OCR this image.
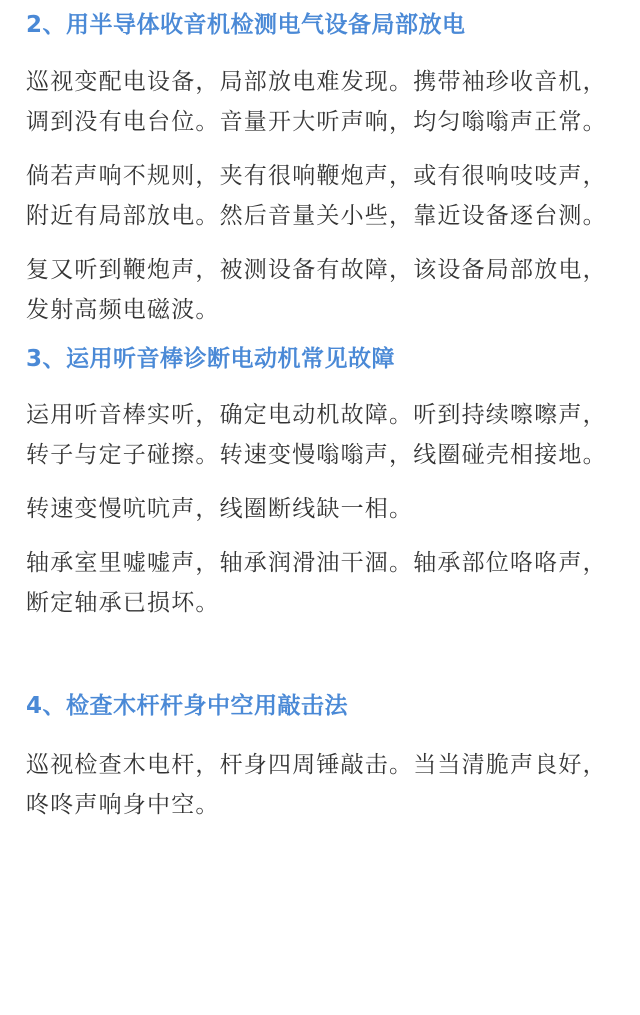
2、用半导体收音机检测电气设备局部放电

巡视变配电设备，局部放电难发现。携带袖珍收音机，调到没有电台位。音量开大听声响，均匀嗡嗡声正常。

倘若声响不规则，夹有很响鞭炮声，或有很响吱吱声，附近有局部放电。然后音量关小些，靠近设备逐台测。

复又听到鞭炮声，被测设备有故障，该设备局部放电，发射高频电磁波。

3、运用听音棒诊断电动机常见故障

运用听音棒实听，确定电动机故障。听到持续嚓嚓声，转子与定子碰擦。转速变慢嗡嗡声，线圈碰壳相接地。

转速变慢吭吭声，线圈断线缺一相。

轴承室里嘘嘘声，轴承润滑油干涸。轴承部位咯咯声，断定轴承已损坏。

4、检查木杆杆身中空用敲击法

巡视检查木电杆，杆身四周锤敲击。当当清脆声良好，咚咚声响身中空。
